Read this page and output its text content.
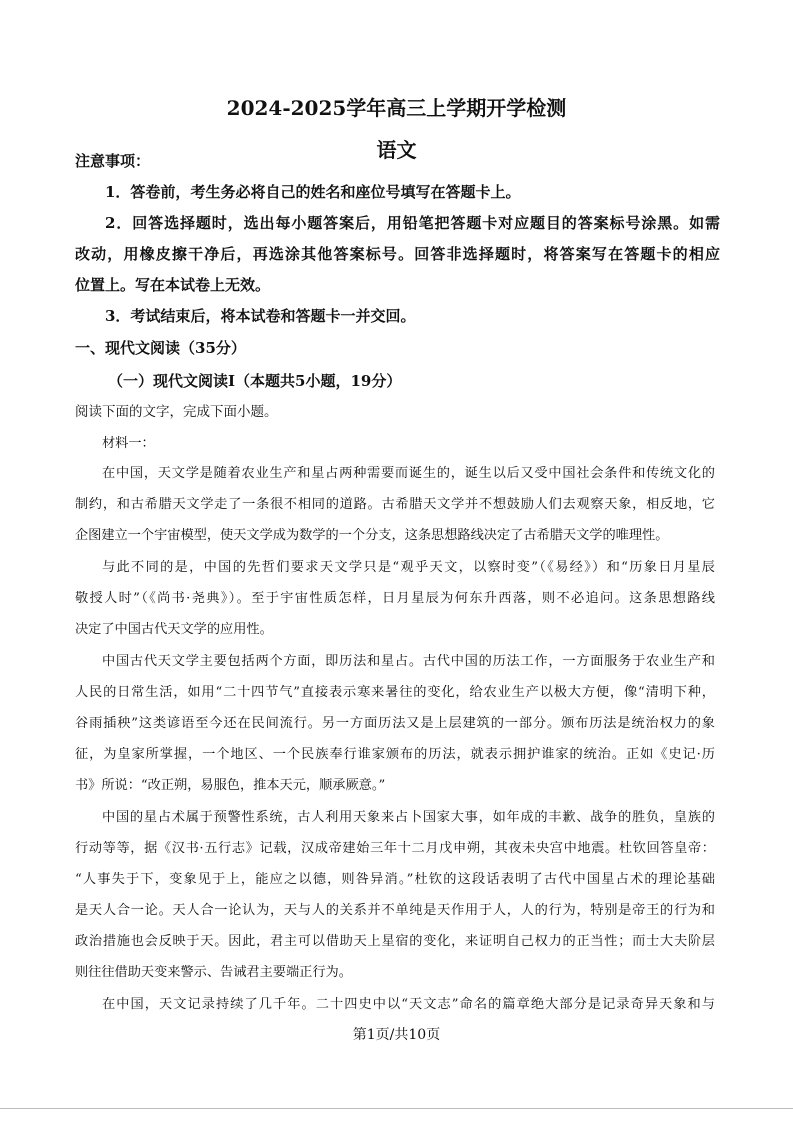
2024-2025学年高三上学期开学检测
语文
注意事项：
1．答卷前，考生务必将自己的姓名和座位号填写在答题卡上。
2．回答选择题时，选出每小题答案后，用铅笔把答题卡对应题目的答案标号涂黑。如需
改动，用橡皮擦干净后，再选涂其他答案标号。回答非选择题时，将答案写在答题卡的相应
位置上。写在本试卷上无效。
3．考试结束后，将本试卷和答题卡一并交回。
一、现代文阅读（35分）
（一）现代文阅读Ⅰ（本题共5小题，19分）
阅读下面的文字，完成下面小题。
材料一：
在中国，天文学是随着农业生产和星占两种需要而诞生的，诞生以后又受中国社会条件和传统文化的
制约，和古希腊天文学走了一条很不相同的道路。古希腊天文学并不想鼓励人们去观察天象，相反地，它
企图建立一个宇宙模型，使天文学成为数学的一个分支，这条思想路线决定了古希腊天文学的唯理性。
与此不同的是，中国的先哲们要求天文学只是“观乎天文，以察时变”（《易经》）和“历象日月星辰
敬授人时”（《尚书·尧典》）。至于宇宙性质怎样，日月星辰为何东升西落，则不必追问。这条思想路线
决定了中国古代天文学的应用性。
中国古代天文学主要包括两个方面，即历法和星占。古代中国的历法工作，一方面服务于农业生产和
人民的日常生活，如用“二十四节气”直接表示寒来暑往的变化，给农业生产以极大方便，像“清明下种，
谷雨插秧”这类谚语至今还在民间流行。另一方面历法又是上层建筑的一部分。颁布历法是统治权力的象
征，为皇家所掌握，一个地区、一个民族奉行谁家颁布的历法，就表示拥护谁家的统治。正如《史记·历
书》所说：“改正朔，易服色，推本天元，顺承厥意。”
中国的星占术属于预警性系统，古人利用天象来占卜国家大事，如年成的丰歉、战争的胜负，皇族的
行动等等，据《汉书·五行志》记载，汉成帝建始三年十二月戊申朔，其夜未央宫中地震。杜钦回答皇帝：
“人事失于下，变象见于上，能应之以德，则咎异消。”杜钦的这段话表明了古代中国星占术的理论基础
是天人合一论。天人合一论认为，天与人的关系并不单纯是天作用于人，人的行为，特别是帝王的行为和
政治措施也会反映于天。因此，君主可以借助天上星宿的变化，来证明自己权力的正当性；而士大夫阶层
则往往借助天变来警示、告诫君主要端正行为。
在中国，天文记录持续了几千年。二十四史中以“天文志”命名的篇章绝大部分是记录奇异天象和与
第1页/共10页
